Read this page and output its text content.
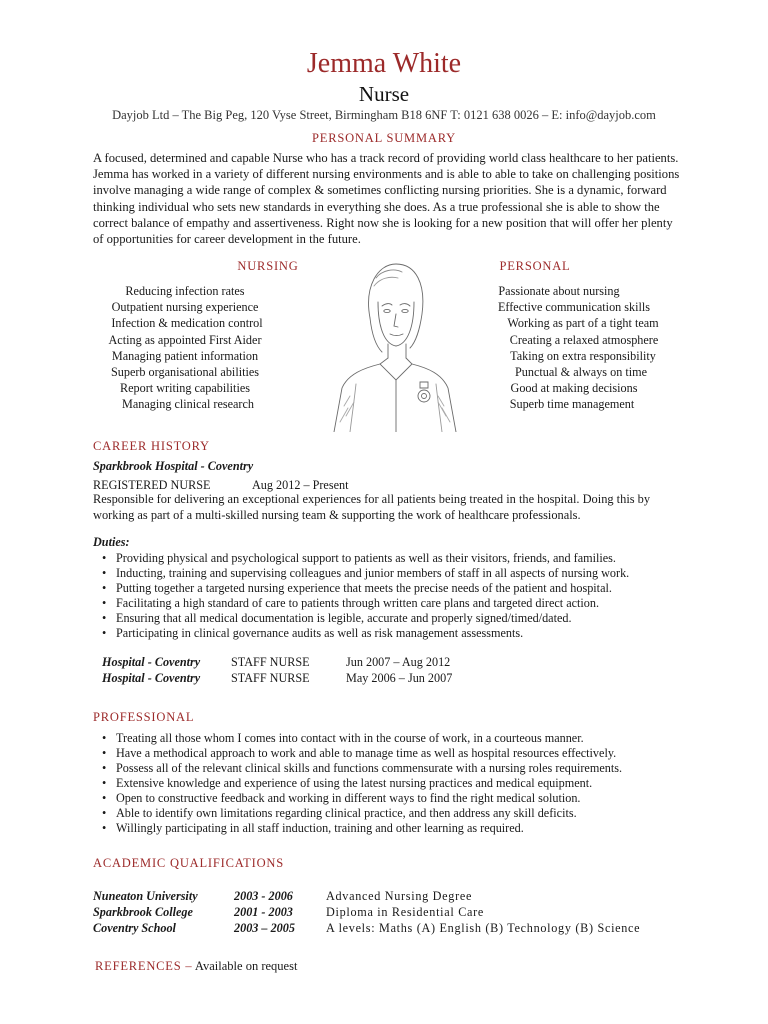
Jemma White
Nurse
Dayjob Ltd – The Big Peg, 120 Vyse Street, Birmingham B18 6NF T: 0121 638 0026 – E: info@dayjob.com
PERSONAL SUMMARY
A focused, determined and capable Nurse who has a track record of providing world class healthcare to her patients. Jemma has worked in a variety of different nursing environments and is able to able to take on challenging positions involve managing a wide range of complex & sometimes conflicting nursing priorities. She is a dynamic, forward thinking individual who sets new standards in everything she does. As a true professional she is able to show the correct balance of empathy and assertiveness. Right now she is looking for a new position that will offer her plenty of opportunities for career development in the future.
NURSING	PERSONAL
Reducing infection rates
Outpatient nursing experience
Infection & medication control
Acting as appointed First Aider
Managing patient information
Superb organisational abilities
Report writing capabilities
Managing clinical research
Passionate about nursing
Effective communication skills
Working as part of a tight team
Creating a relaxed atmosphere
Taking on extra responsibility
Punctual & always on time
Good at making decisions
Superb time management
CAREER HISTORY
Sparkbrook Hospital - Coventry
REGISTERED NURSE	Aug 2012 – Present
Responsible for delivering an exceptional experiences for all patients being treated in the hospital. Doing this by working as part of a multi-skilled nursing team & supporting the work of healthcare professionals.
Duties:
• Providing physical and psychological support to patients as well as their visitors, friends, and families.
• Inducting, training and supervising colleagues and junior members of staff in all aspects of nursing work.
• Putting together a targeted nursing experience that meets the precise needs of the patient and hospital.
• Facilitating a high standard of care to patients through written care plans and targeted direct action.
• Ensuring that all medical documentation is legible, accurate and properly signed/timed/dated.
• Participating in clinical governance audits as well as risk management assessments.
Hospital - Coventry	STAFF NURSE	Jun 2007 – Aug 2012
Hospital - Coventry	STAFF NURSE	May 2006 – Jun 2007
PROFESSIONAL
• Treating all those whom I comes into contact with in the course of work, in a courteous manner.
• Have a methodical approach to work and able to manage time as well as hospital resources effectively.
• Possess all of the relevant clinical skills and functions commensurate with a nursing roles requirements.
• Extensive knowledge and experience of using the latest nursing practices and medical equipment.
• Open to constructive feedback and working in different ways to find the right medical solution.
• Able to identify own limitations regarding clinical practice, and then address any skill deficits.
• Willingly participating in all staff induction, training and other learning as required.
ACADEMIC QUALIFICATIONS
Nuneaton University	2003 - 2006	Advanced Nursing Degree
Sparkbrook College	2001 - 2003	Diploma in Residential Care
Coventry School	2003 – 2005	A levels: Maths (A) English (B) Technology (B) Science
REFERENCES – Available on request
